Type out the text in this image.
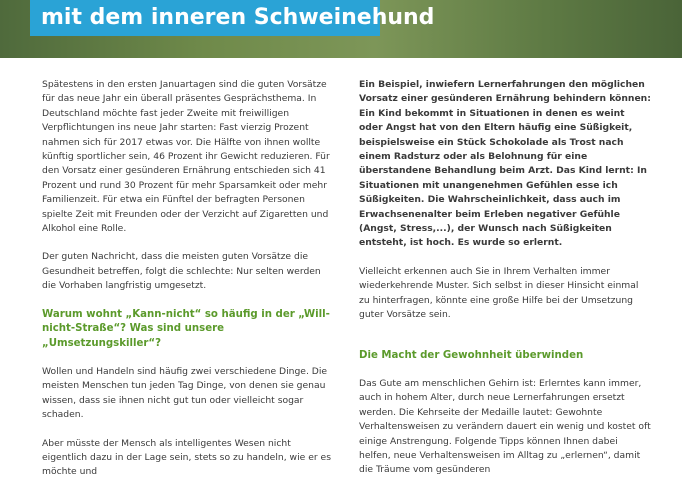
mit dem inneren Schweinehund

Spätestens in den ersten Januartagen sind die guten Vorsätze für das neue Jahr ein überall präsentes Gesprächsthema. In Deutschland möchte fast jeder Zweite mit freiwilligen Verpflichtungen ins neue Jahr starten: Fast vierzig Prozent nahmen sich für 2017 etwas vor. Die Hälfte von ihnen wollte künftig sportlicher sein, 46 Prozent ihr Gewicht reduzieren. Für den Vorsatz einer gesünderen Ernährung entschieden sich 41 Prozent und rund 30 Prozent für mehr Sparsamkeit oder mehr Familienzeit. Für etwa ein Fünftel der befragten Personen spielte Zeit mit Freunden oder der Verzicht auf Zigaretten und Alkohol eine Rolle.

Der guten Nachricht, dass die meisten guten Vorsätze die Gesundheit betreffen, folgt die schlechte: Nur selten werden die Vorhaben langfristig umgesetzt.

Warum wohnt „Kann-nicht“ so häufig in der „Will-nicht-Straße“? Was sind unsere „Umsetzungskiller“?

Wollen und Handeln sind häufig zwei verschiedene Dinge. Die meisten Menschen tun jeden Tag Dinge, von denen sie genau wissen, dass sie ihnen nicht gut tun oder vielleicht sogar schaden.

Aber müsste der Mensch als intelligentes Wesen nicht eigentlich dazu in der Lage sein, stets so zu handeln, wie er es möchte und

Ein Beispiel, inwiefern Lernerfahrungen den möglichen Vorsatz einer gesünderen Ernährung behindern können: Ein Kind bekommt in Situationen in denen es weint oder Angst hat von den Eltern häufig eine Süßigkeit, beispielsweise ein Stück Schokolade als Trost nach einem Radsturz oder als Belohnung für eine überstandene Behandlung beim Arzt. Das Kind lernt: In Situationen mit unangenehmen Gefühlen esse ich Süßigkeiten. Die Wahrscheinlichkeit, dass auch im Erwachsenenalter beim Erleben negativer Gefühle (Angst, Stress,...), der Wunsch nach Süßigkeiten entsteht, ist hoch. Es wurde so erlernt.

Vielleicht erkennen auch Sie in Ihrem Verhalten immer wiederkehrende Muster. Sich selbst in dieser Hinsicht einmal zu hinterfragen, könnte eine große Hilfe bei der Umsetzung guter Vorsätze sein.

Die Macht der Gewohnheit überwinden

Das Gute am menschlichen Gehirn ist: Erlerntes kann immer, auch in hohem Alter, durch neue Lernerfahrungen ersetzt werden. Die Kehrseite der Medaille lautet: Gewohnte Verhaltensweisen zu verändern dauert ein wenig und kostet oft einige Anstrengung. Folgende Tipps können Ihnen dabei helfen, neue Verhaltensweisen im Alltag zu „erlernen“, damit die Träume vom gesünderen
